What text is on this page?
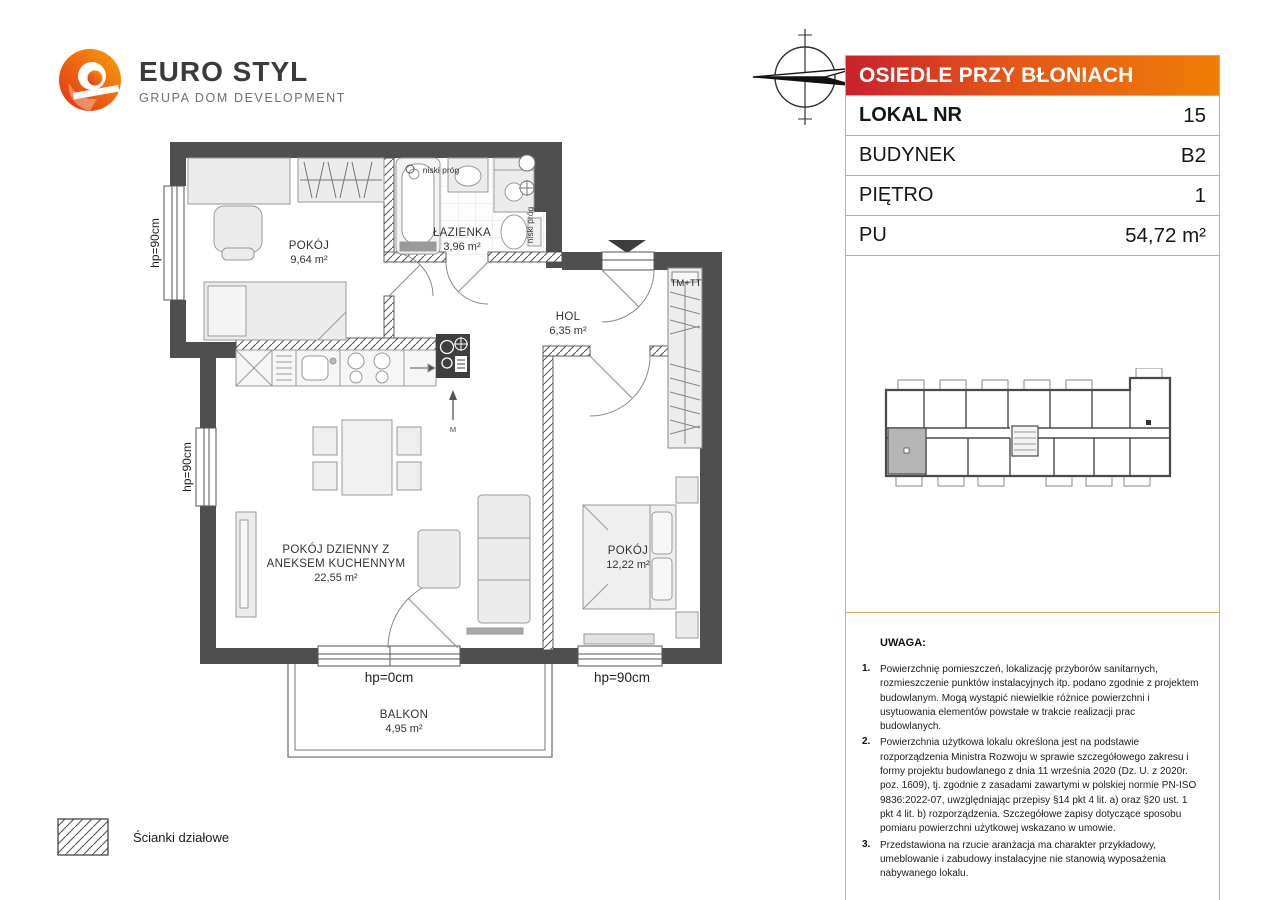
EURO STYL
GRUPA DOM DEVELOPMENT
M
TM+TT
POKÓJ
9,64 m²
ŁAZIENKA
3,96 m²
HOL
6,35 m²
POKÓJ DZIENNY Z
ANEKSEM KUCHENNYM
22,55 m²
POKÓJ
12,22 m²
BALKON
4,95 m²
niski próg
niski próg
hp=0cm	hp=90cm
hp=90cm
hp=90cm
OSIEDLE PRZY BŁONIACH
LOKAL NR	15
BUDYNEK	B2
PIĘTRO	1
PU	54,72 m²
UWAGA:
1. Powierzchnię pomieszczeń, lokalizację przyborów sanitarnych, rozmieszczenie punktów instalacyjnych itp. podano zgodnie z projektem budowlanym. Mogą wystąpić niewielkie różnice powierzchni i usytuowania elementów powstałe w trakcie realizacji prac budowlanych.
2. Powierzchnia użytkowa lokalu określona jest na podstawie rozporządzenia Ministra Rozwoju w sprawie szczegółowego zakresu i formy projektu budowlanego z dnia 11 września 2020 (Dz. U. z 2020r. poz. 1609), tj. zgodnie z zasadami zawartymi w polskiej normie PN-ISO 9836:2022-07, uwzględniając przepisy §14 pkt 4 lit. a) oraz §20 ust. 1 pkt 4 lit. b) rozporządzenia. Szczegółowe zapisy dotyczące sposobu pomiaru powierzchni użytkowej wskazano w umowie.
3. Przedstawiona na rzucie aranżacja ma charakter przykładowy, umeblowanie i zabudowy instalacyjne nie stanowią wyposażenia nabywanego lokalu.
Ścianki działowe
